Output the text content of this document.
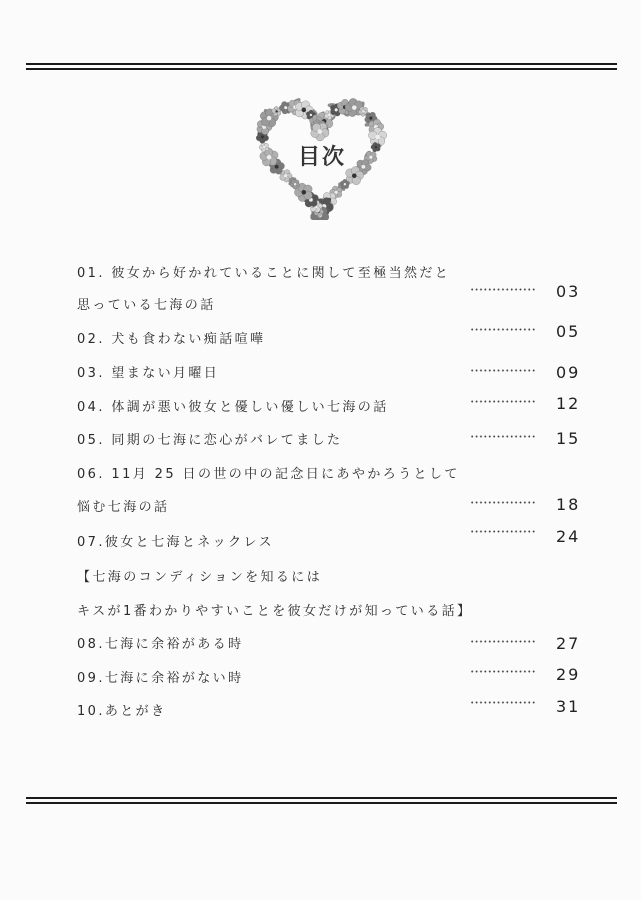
目次
01. 彼女から好かれていることに関して至極当然だと
思っている七海の話
03
02. 犬も食わない痴話喧嘩	05
03. 望まない月曜日	09
04. 体調が悪い彼女と優しい優しい七海の話	12
05. 同期の七海に恋心がバレてました	15
06. 11月 25 日の世の中の記念日にあやかろうとして
悩む七海の話	18
07.彼女と七海とネックレス	24
【七海のコンディションを知るには
キスが1番わかりやすいことを彼女だけが知っている話】
08.七海に余裕がある時	27
09.七海に余裕がない時	29
10.あとがき	31
